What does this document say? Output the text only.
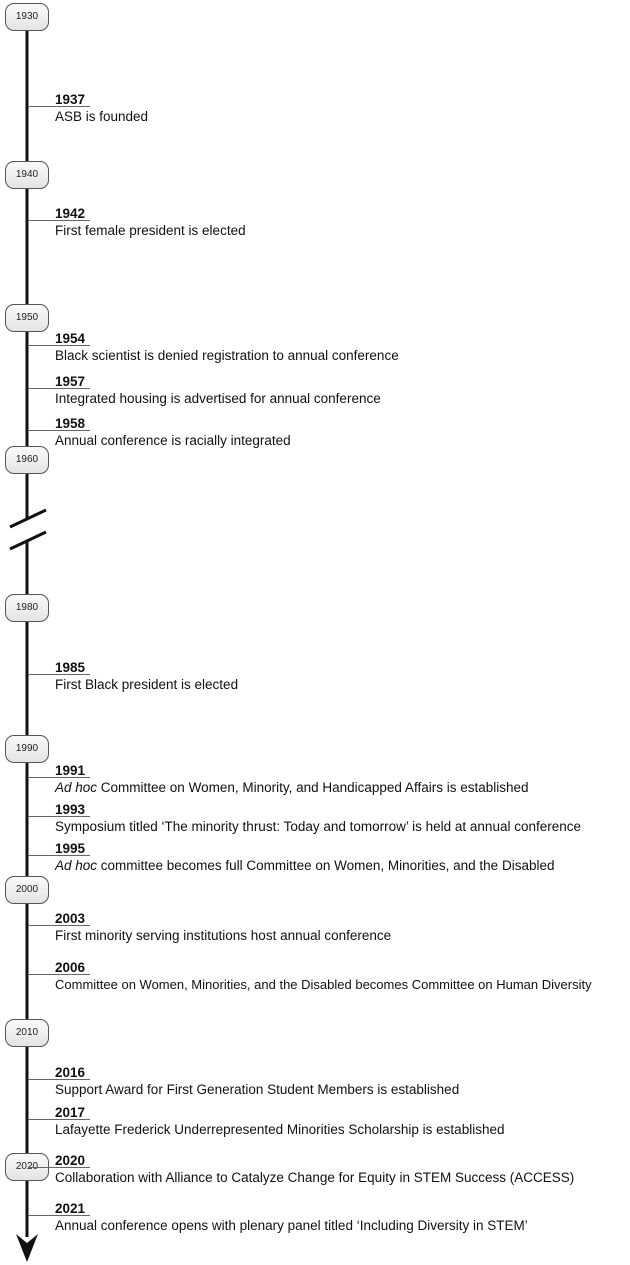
1930
1940
1950
1960
1980
1990
2000
2010
2020
1937
ASB is founded
1942
First female president is elected
1954
Black scientist is denied registration to annual conference
1957
Integrated housing is advertised for annual conference
1958
Annual conference is racially integrated
1985
First Black president is elected
1991
Ad hoc Committee on Women, Minority, and Handicapped Affairs is established
1993
Symposium titled ‘The minority thrust: Today and tomorrow’ is held at annual conference
1995
Ad hoc committee becomes full Committee on Women, Minorities, and the Disabled
2003
First minority serving institutions host annual conference
2006
Committee on Women, Minorities, and the Disabled becomes Committee on Human Diversity
2016
Support Award for First Generation Student Members is established
2017
Lafayette Frederick Underrepresented Minorities Scholarship is established
2020
Collaboration with Alliance to Catalyze Change for Equity in STEM Success (ACCESS)
2021
Annual conference opens with plenary panel titled ‘Including Diversity in STEM’
